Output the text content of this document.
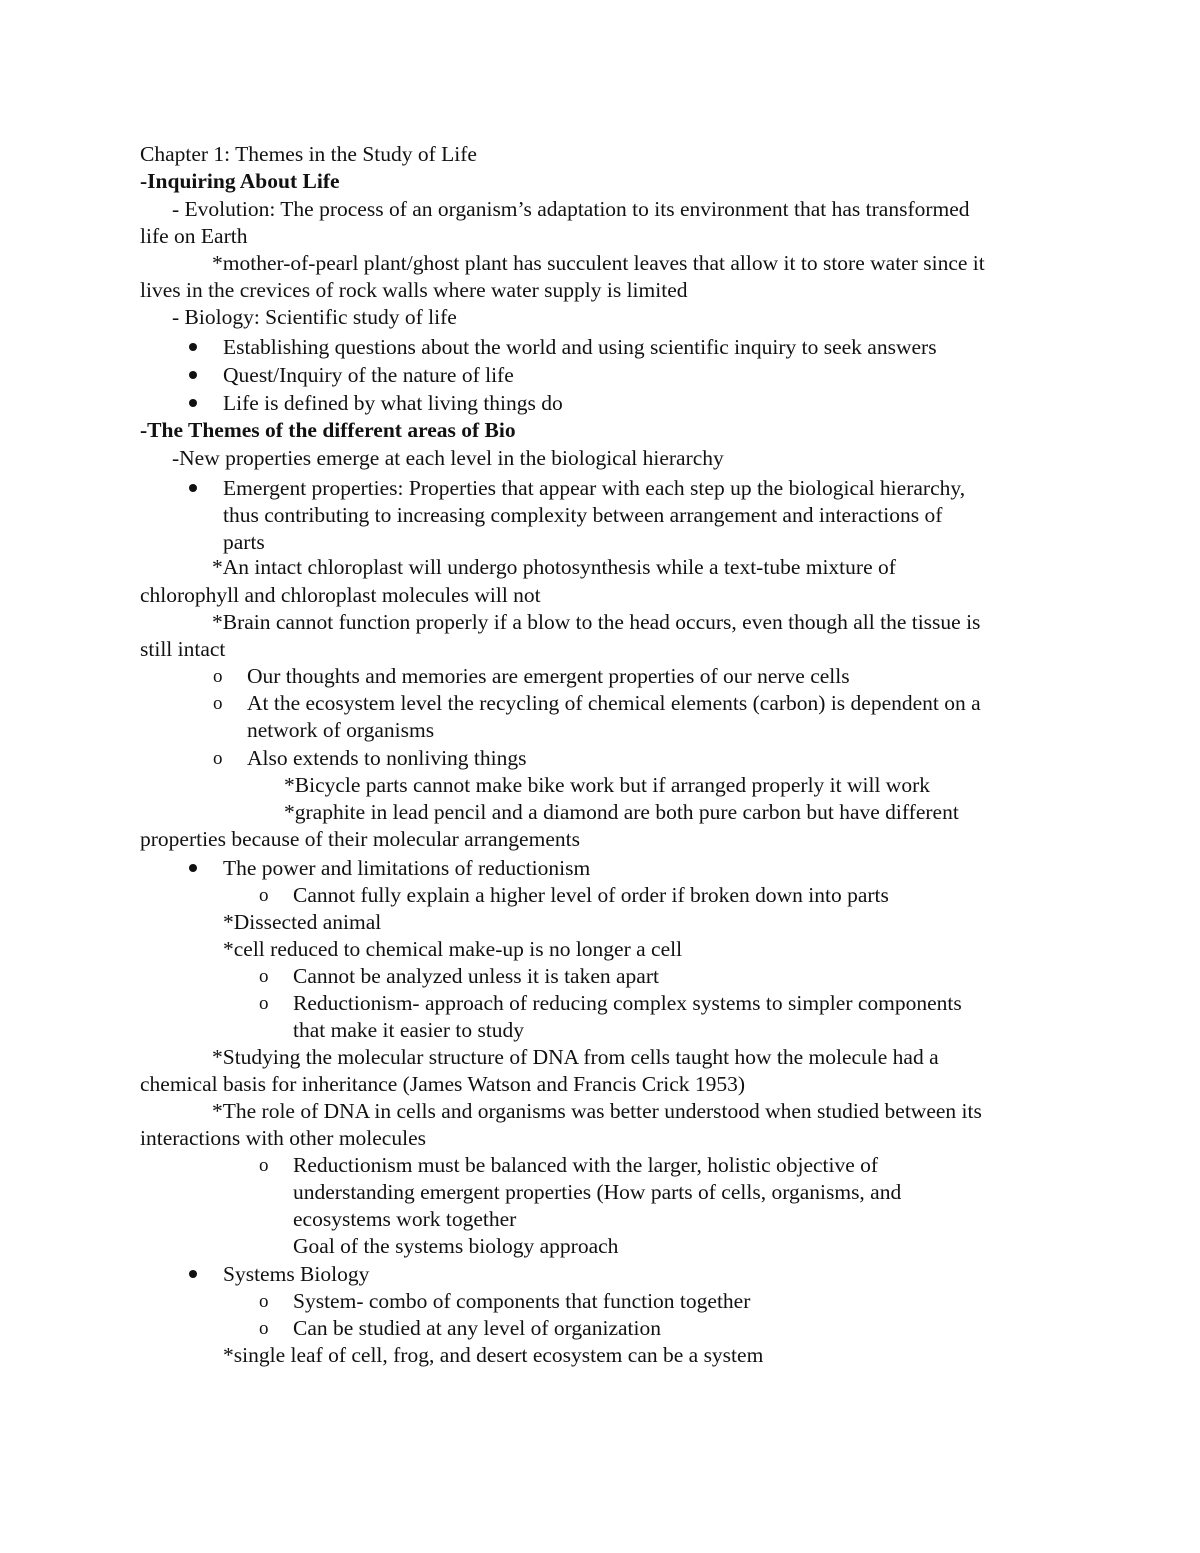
Chapter 1: Themes in the Study of Life
-Inquiring About Life
- Evolution: The process of an organism’s adaptation to its environment that has transformed
life on Earth
*mother-of-pearl plant/ghost plant has succulent leaves that allow it to store water since it
lives in the crevices of rock walls where water supply is limited
- Biology: Scientific study of life
Establishing questions about the world and using scientific inquiry to seek answers
Quest/Inquiry of the nature of life
Life is defined by what living things do
-The Themes of the different areas of Bio
-New properties emerge at each level in the biological hierarchy
Emergent properties: Properties that appear with each step up the biological hierarchy,
thus contributing to increasing complexity between arrangement and interactions of
parts
*An intact chloroplast will undergo photosynthesis while a text-tube mixture of
chlorophyll and chloroplast molecules will not
*Brain cannot function properly if a blow to the head occurs, even though all the tissue is
still intact
o Our thoughts and memories are emergent properties of our nerve cells
o At the ecosystem level the recycling of chemical elements (carbon) is dependent on a
network of organisms
o Also extends to nonliving things
*Bicycle parts cannot make bike work but if arranged properly it will work
*graphite in lead pencil and a diamond are both pure carbon but have different
properties because of their molecular arrangements
The power and limitations of reductionism
o Cannot fully explain a higher level of order if broken down into parts
*Dissected animal
*cell reduced to chemical make-up is no longer a cell
o Cannot be analyzed unless it is taken apart
o Reductionism- approach of reducing complex systems to simpler components
that make it easier to study
*Studying the molecular structure of DNA from cells taught how the molecule had a
chemical basis for inheritance (James Watson and Francis Crick 1953)
*The role of DNA in cells and organisms was better understood when studied between its
interactions with other molecules
o Reductionism must be balanced with the larger, holistic objective of
understanding emergent properties (How parts of cells, organisms, and
ecosystems work together
Goal of the systems biology approach
Systems Biology
o System- combo of components that function together
o Can be studied at any level of organization
*single leaf of cell, frog, and desert ecosystem can be a system
